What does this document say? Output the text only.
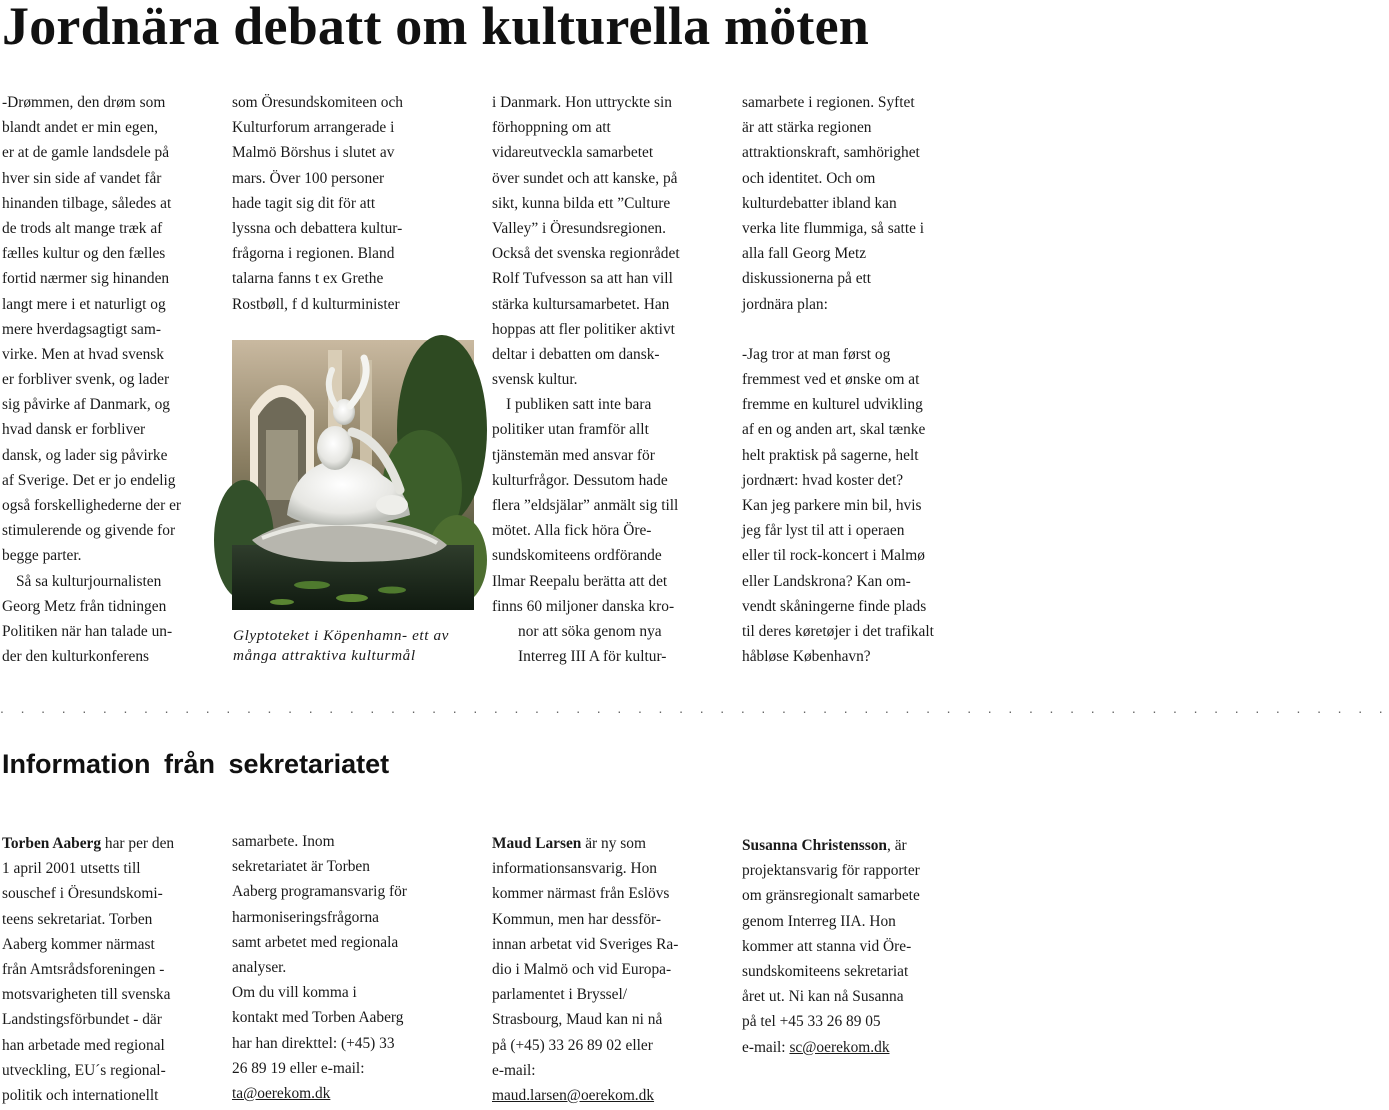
Jordnära debatt om kulturella möten
-Drømmen, den drøm som
blandt andet er min egen,
er at de gamle landsdele på
hver sin side af vandet får
hinanden tilbage, således at
de trods alt mange træk af
fælles kultur og den fælles
fortid nærmer sig hinanden
langt mere i et naturligt og
mere hverdagsagtigt sam-
virke. Men at hvad svensk
er forbliver svenk, og lader
sig påvirke af Danmark, og
hvad dansk er forbliver
dansk, og lader sig påvirke
af Sverige. Det er jo endelig
også forskellighederne der er
stimulerende og givende for
begge parter.
Så sa kulturjournalisten
Georg Metz från tidningen
Politiken när han talade un-
der den kulturkonferens
som Öresundskomiteen och
Kulturforum arrangerade i
Malmö Börshus i slutet av
mars. Över 100 personer
hade tagit sig dit för att
lyssna och debattera kultur-
frågorna i regionen. Bland
talarna fanns t ex Grethe
Rostbøll, f d kulturminister
Glyptoteket i Köpenhamn- ett av
många attraktiva kulturmål
i Danmark. Hon uttryckte sin
förhoppning om att
vidareutveckla samarbetet
över sundet och att kanske, på
sikt, kunna bilda ett ”Culture
Valley” i Öresundsregionen.
Också det svenska regionrådet
Rolf Tufvesson sa att han vill
stärka kultursamarbetet. Han
hoppas att fler politiker aktivt
deltar i debatten om dansk-
svensk kultur.
I publiken satt inte bara
politiker utan framför allt
tjänstemän med ansvar för
kulturfrågor. Dessutom hade
flera ”eldsjälar” anmält sig till
mötet. Alla fick höra Öre-
sundskomiteens ordförande
Ilmar Reepalu berätta att det
finns 60 miljoner danska kro-
nor att söka genom nya
Interreg III A för kultur-
samarbete i regionen. Syftet
är att stärka regionen
attraktionskraft, samhörighet
och identitet. Och om
kulturdebatter ibland kan
verka lite flummiga, så satte i
alla fall Georg Metz
diskussionerna på ett
jordnära plan:
-Jag tror at man først og
fremmest ved et ønske om at
fremme en kulturel udvikling
af en og anden art, skal tænke
helt praktisk på sagerne, helt
jordnært: hvad koster det?
Kan jeg parkere min bil, hvis
jeg får lyst til att i operaen
eller til rock-koncert i Malmø
eller Landskrona? Kan om-
vendt skåningerne finde plads
til deres køretøjer i det trafikalt
håbløse København?
. . . . . . . . . . . . . . . . . . . . . . . . . . . . . . . . . . . . . . . . . . . . . . . . . . . . . . . . . . . . . . . . . . . .
Information från sekretariatet
Torben Aaberg har per den
1 april 2001 utsetts till
souschef i Öresundskomi-
teens sekretariat. Torben
Aaberg kommer närmast
från Amtsrådsforeningen -
motsvarigheten till svenska
Landstingsförbundet - där
han arbetade med regional
utveckling, EU´s regional-
politik och internationellt
samarbete. Inom
sekretariatet är Torben
Aaberg programansvarig för
harmoniseringsfrågorna
samt arbetet med regionala
analyser.
Om du vill komma i
kontakt med Torben Aaberg
har han direkttel: (+45) 33
26 89 19 eller e-mail:
ta@oerekom.dk
Maud Larsen är ny som
informationsansvarig. Hon
kommer närmast från Eslövs
Kommun, men har dessför-
innan arbetat vid Sveriges Ra-
dio i Malmö och vid Europa-
parlamentet i Bryssel/
Strasbourg, Maud kan ni nå
på (+45) 33 26 89 02 eller
e-mail:
maud.larsen@oerekom.dk
Susanna Christensson, är
projektansvarig för rapporter
om gränsregionalt samarbete
genom Interreg IIA. Hon
kommer att stanna vid Öre-
sundskomiteens sekretariat
året ut. Ni kan nå Susanna
på tel +45 33 26 89 05
e-mail: sc@oerekom.dk
